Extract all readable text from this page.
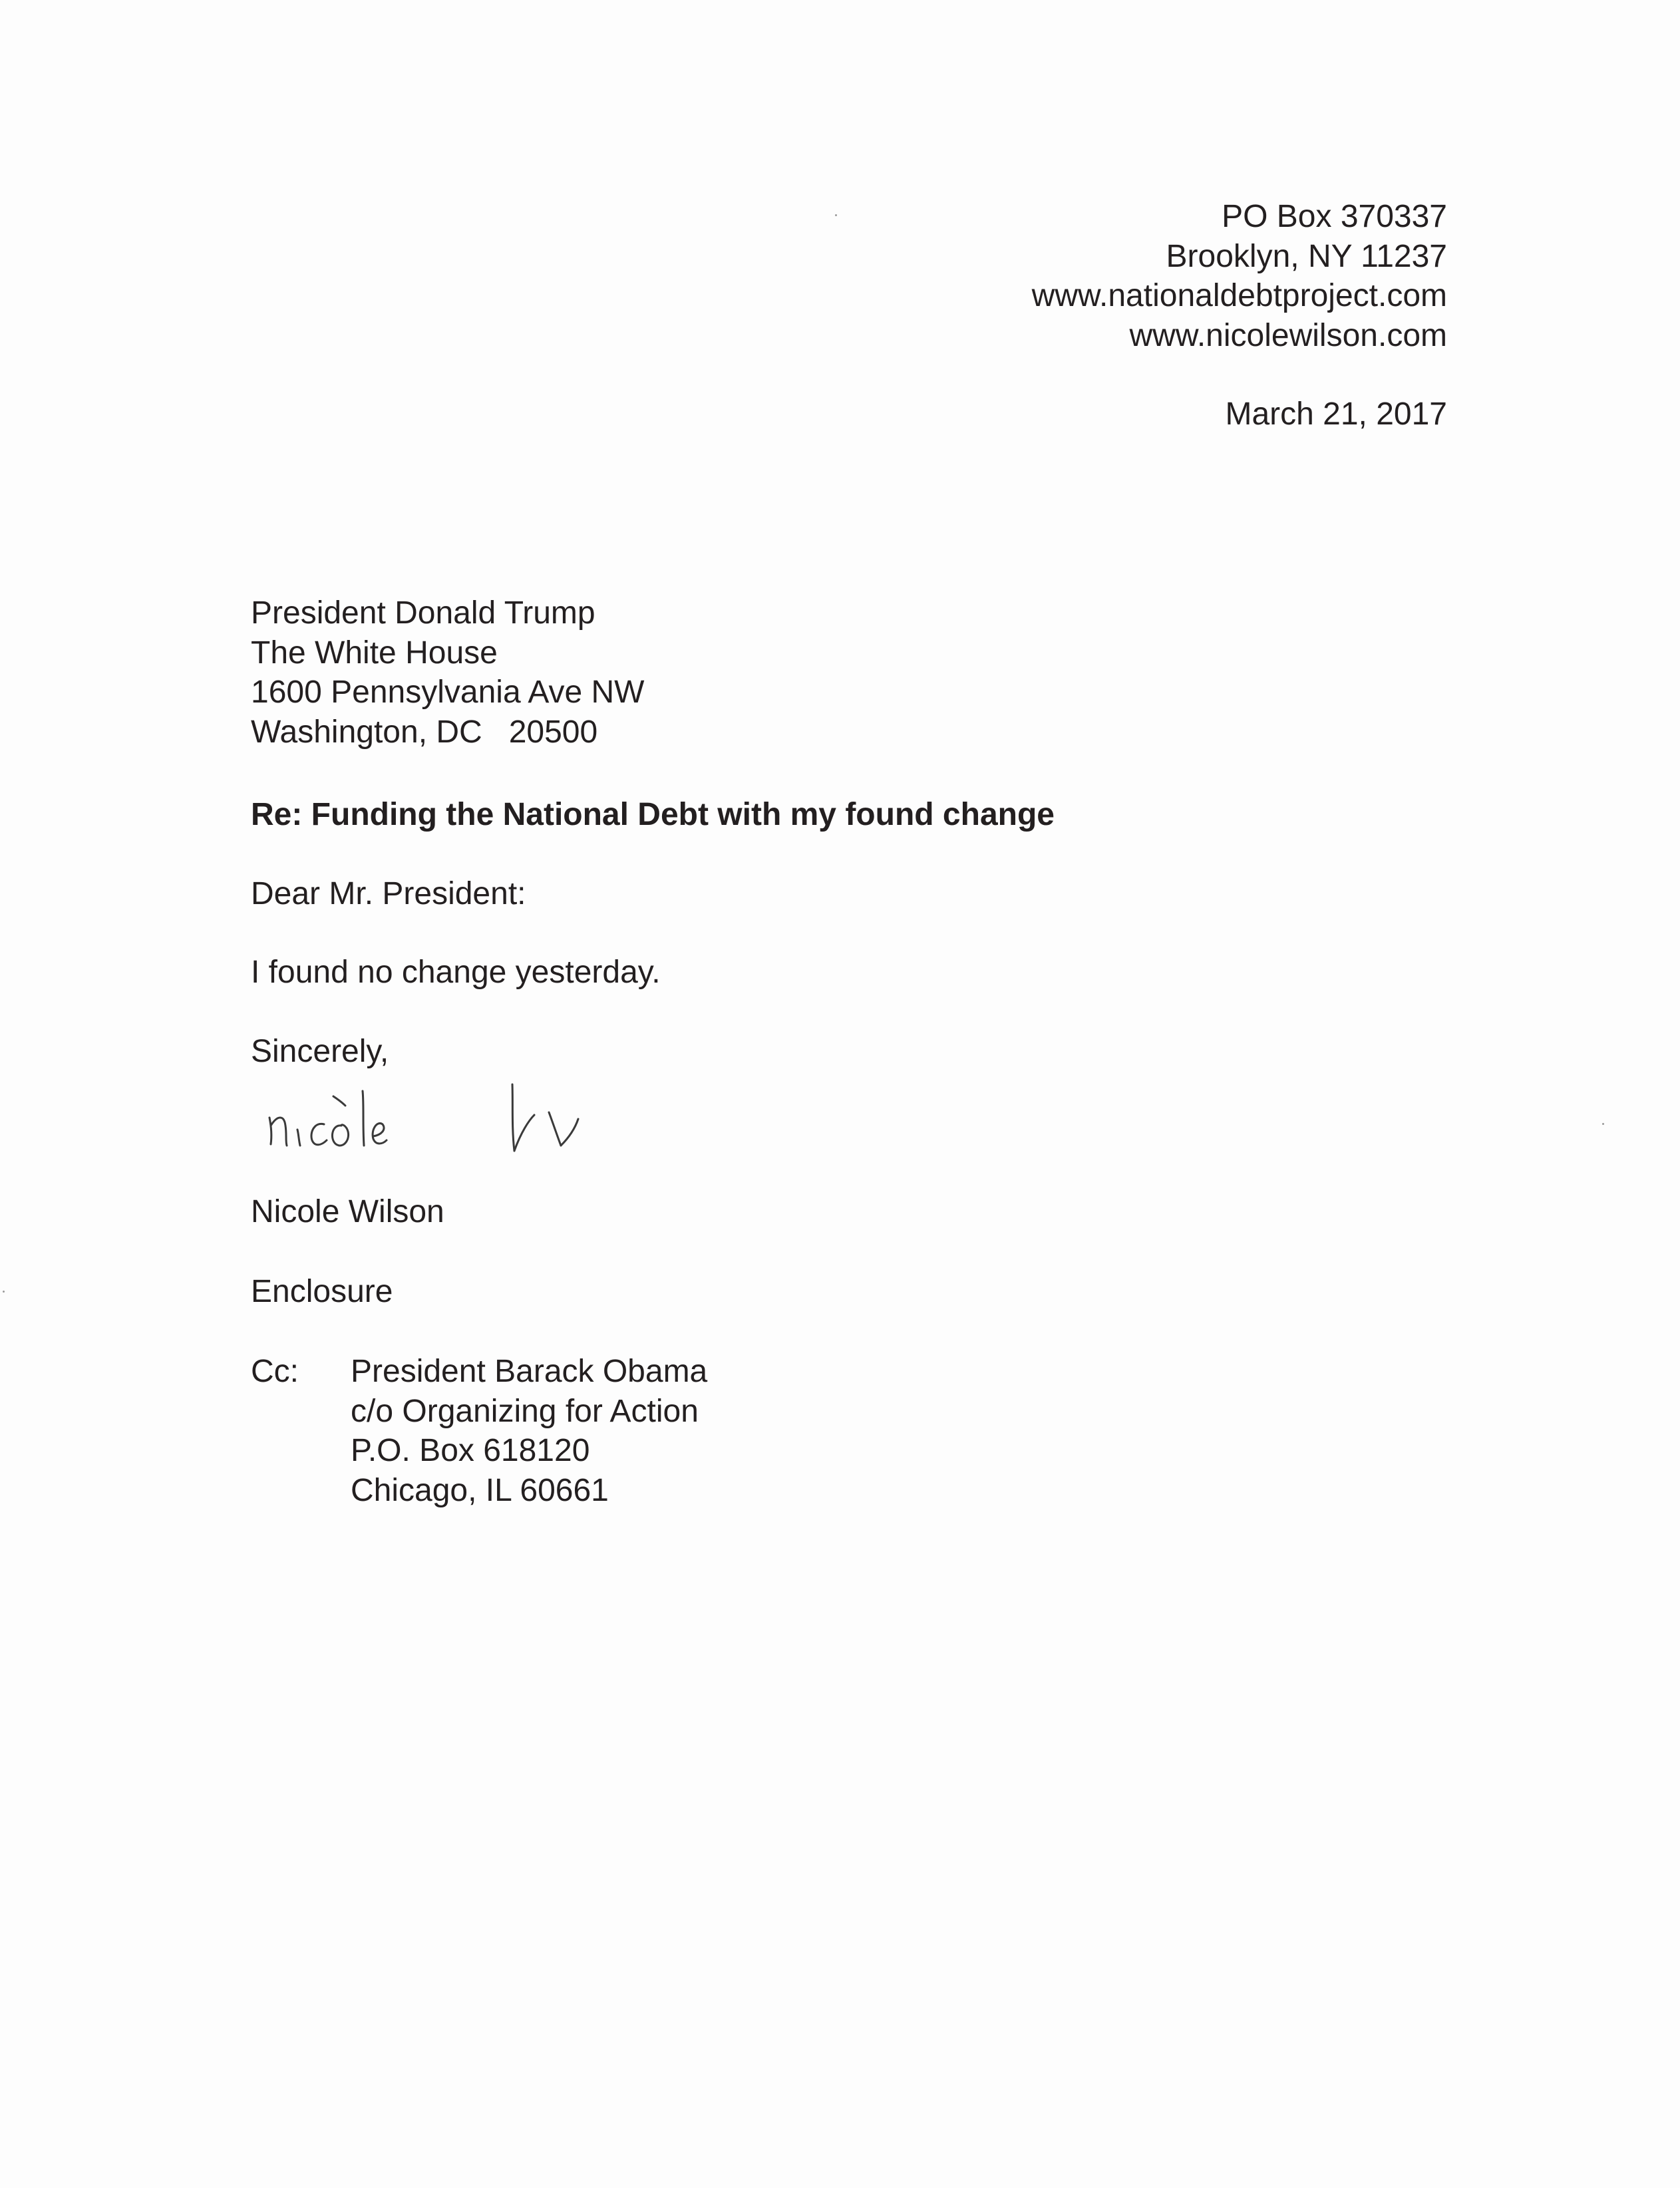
PO Box 370337
Brooklyn, NY 11237
www.nationaldebtproject.com
www.nicolewilson.com
March 21, 2017
President Donald Trump
The White House
1600 Pennsylvania Ave NW
Washington, DC   20500
Re: Funding the National Debt with my found change
Dear Mr. President:
I found no change yesterday.
Sincerely,
Nicole Wilson
Nicole Wilson
Enclosure
Cc: President Barack Obama
c/o Organizing for Action
P.O. Box 618120
Chicago, IL 60661
